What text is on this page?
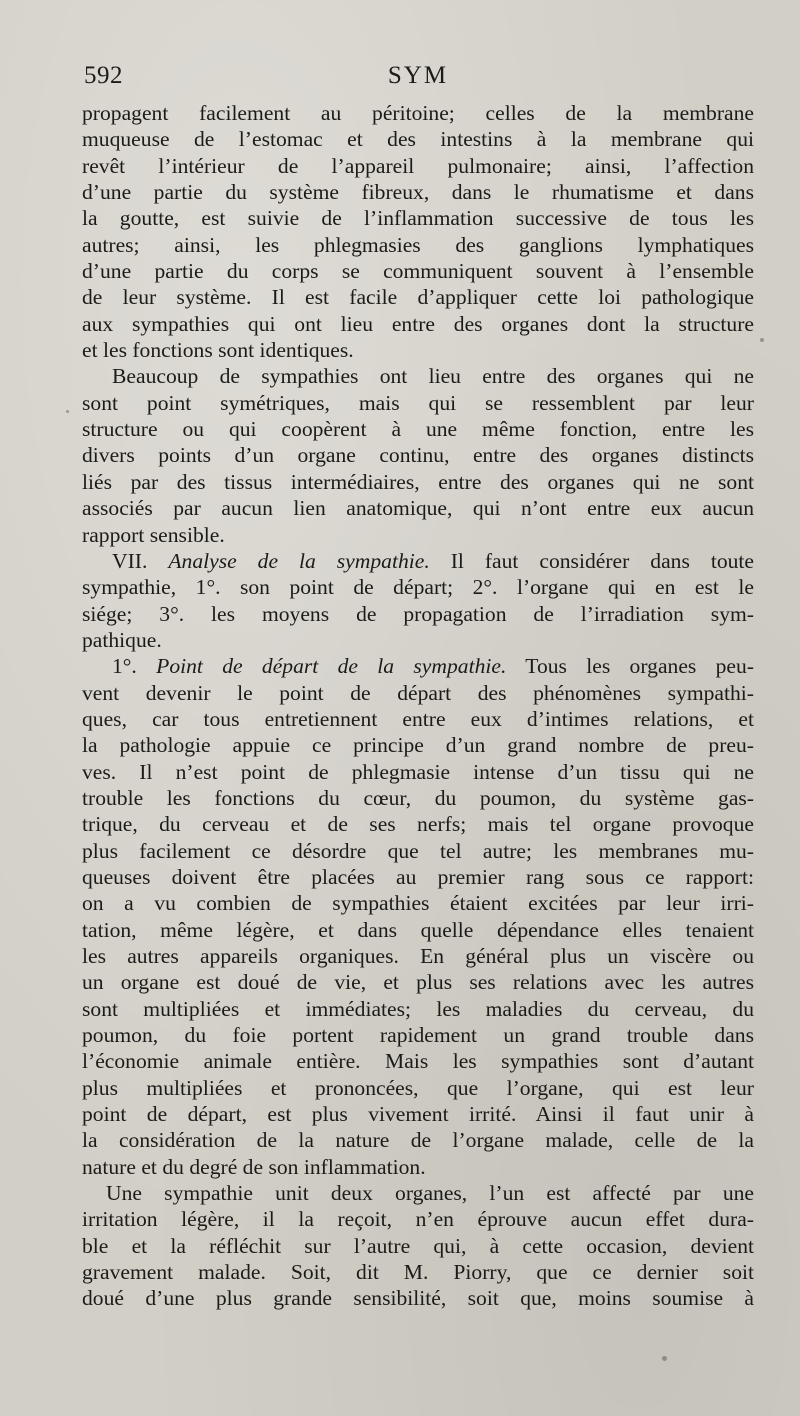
592	SYM
propagent facilement au péritoine; celles de la membrane
muqueuse de l’estomac et des intestins à la membrane qui
revêt l’intérieur de l’appareil pulmonaire; ainsi, l’affection
d’une partie du système fibreux, dans le rhumatisme et dans
la goutte, est suivie de l’inflammation successive de tous les
autres; ainsi, les phlegmasies des ganglions lymphatiques
d’une partie du corps se communiquent souvent à l’ensemble
de leur système. Il est facile d’appliquer cette loi pathologique
aux sympathies qui ont lieu entre des organes dont la structure
et les fonctions sont identiques.
Beaucoup de sympathies ont lieu entre des organes qui ne
sont point symétriques, mais qui se ressemblent par leur
structure ou qui coopèrent à une même fonction, entre les
divers points d’un organe continu, entre des organes distincts
liés par des tissus intermédiaires, entre des organes qui ne sont
associés par aucun lien anatomique, qui n’ont entre eux aucun
rapport sensible.
VII. Analyse de la sympathie. Il faut considérer dans toute
sympathie, 1°. son point de départ; 2°. l’organe qui en est le
siége; 3°. les moyens de propagation de l’irradiation sym-
pathique.
1°. Point de départ de la sympathie. Tous les organes peu-
vent devenir le point de départ des phénomènes sympathi-
ques, car tous entretiennent entre eux d’intimes relations, et
la pathologie appuie ce principe d’un grand nombre de preu-
ves. Il n’est point de phlegmasie intense d’un tissu qui ne
trouble les fonctions du cœur, du poumon, du système gas-
trique, du cerveau et de ses nerfs; mais tel organe provoque
plus facilement ce désordre que tel autre; les membranes mu-
queuses doivent être placées au premier rang sous ce rapport:
on a vu combien de sympathies étaient excitées par leur irri-
tation, même légère, et dans quelle dépendance elles tenaient
les autres appareils organiques. En général plus un viscère ou
un organe est doué de vie, et plus ses relations avec les autres
sont multipliées et immédiates; les maladies du cerveau, du
poumon, du foie portent rapidement un grand trouble dans
l’économie animale entière. Mais les sympathies sont d’autant
plus multipliées et prononcées, que l’organe, qui est leur
point de départ, est plus vivement irrité. Ainsi il faut unir à
la considération de la nature de l’organe malade, celle de la
nature et du degré de son inflammation.
Une sympathie unit deux organes, l’un est affecté par une
irritation légère, il la reçoit, n’en éprouve aucun effet dura-
ble et la réfléchit sur l’autre qui, à cette occasion, devient
gravement malade. Soit, dit M. Piorry, que ce dernier soit
doué d’une plus grande sensibilité, soit que, moins soumise à
